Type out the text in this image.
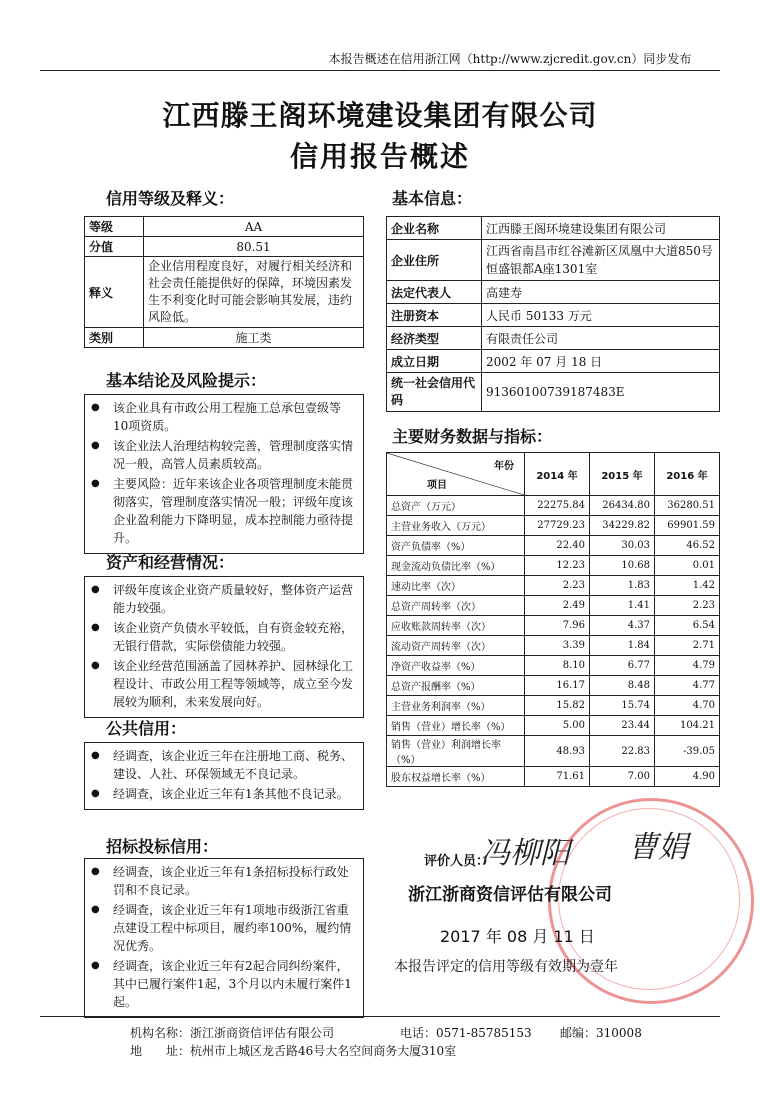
本报告概述在信用浙江网（http://www.zjcredit.gov.cn）同步发布
江西滕王阁环境建设集团有限公司
信用报告概述
信用等级及释义：
等级	AA
分值	80.51
释义	企业信用程度良好，对履行相关经济和社会责任能提供好的保障，环境因素发生不利变化时可能会影响其发展，违约风险低。
类别	施工类
基本结论及风险提示：
●	该企业具有市政公用工程施工总承包壹级等10项资质。
●	该企业法人治理结构较完善，管理制度落实情况一般，高管人员素质较高。
●	主要风险：近年来该企业各项管理制度未能贯彻落实，管理制度落实情况一般；评级年度该企业盈利能力下降明显，成本控制能力亟待提升。
资产和经营情况：
●	评级年度该企业资产质量较好，整体资产运营能力较强。
●	该企业资产负债水平较低，自有资金较充裕，无银行借款，实际偿债能力较强。
●	该企业经营范围涵盖了园林养护、园林绿化工程设计、市政公用工程等领域等，成立至今发展较为顺利，未来发展向好。
公共信用：
●	经调查，该企业近三年在注册地工商、税务、建设、人社、环保领域无不良记录。
●	经调查，该企业近三年有1条其他不良记录。
招标投标信用：
●	经调查，该企业近三年有1条招标投标行政处罚和不良记录。
●	经调查，该企业近三年有1项地市级浙江省重点建设工程中标项目，履约率100%，履约情况优秀。
●	经调查，该企业近三年有2起合同纠纷案件，其中已履行案件1起，3个月以内未履行案件1起。
基本信息：
企业名称	江西滕王阁环境建设集团有限公司
企业住所	江西省南昌市红谷滩新区凤凰中大道850号恒盛银都A座1301室
法定代表人	高建寿
注册资本	人民币 50133 万元
经济类型	有限责任公司
成立日期	2002 年 07 月 18 日
统一社会信用代码	91360100739187483E
主要财务数据与指标：
年份
项目	2014 年	2015 年	2016 年
总资产（万元）	22275.84	26434.80	36280.51
主营业务收入（万元）	27729.23	34229.82	69901.59
资产负债率（%）	22.40	30.03	46.52
现金流动负债比率（%）	12.23	10.68	0.01
速动比率（次）	2.23	1.83	1.42
总资产周转率（次）	2.49	1.41	2.23
应收账款周转率（次）	7.96	4.37	6.54
流动资产周转率（次）	3.39	1.84	2.71
净资产收益率（%）	8.10	6.77	4.79
总资产报酬率（%）	16.17	8.48	4.77
主营业务利润率（%）	15.82	15.74	4.70
销售（营业）增长率（%）	5.00	23.44	104.21
销售（营业）利润增长率（%）	48.93	22.83	-39.05
股东权益增长率（%）	71.61	7.00	4.90
评价人员：
冯柳阳 曹娟
浙江浙商资信评估有限公司
2017 年 08 月 11 日
本报告评定的信用等级有效期为壹年
机构名称：浙江浙商资信评估有限公司	电话：0571-85785153 邮编：310008
地　　址：杭州市上城区龙舌路46号大名空间商务大厦310室
